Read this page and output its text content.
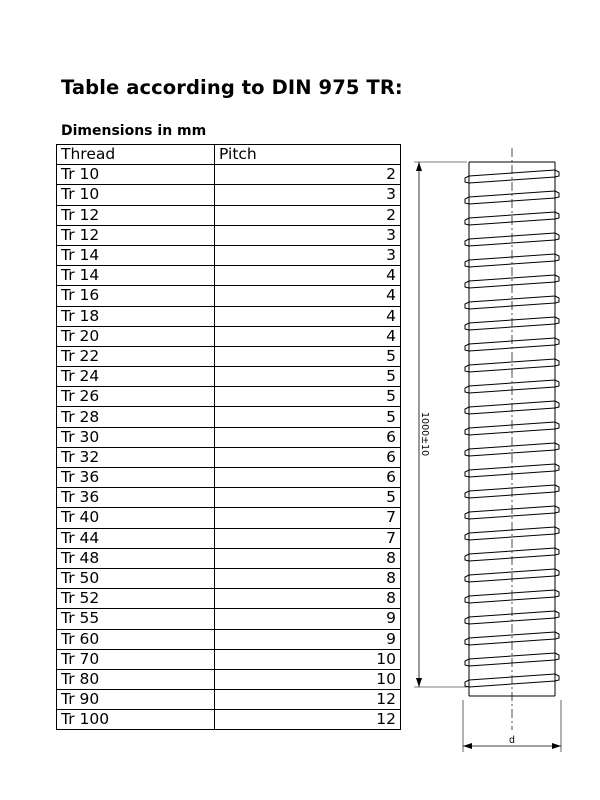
Table according to DIN 975 TR:
Dimensions in mm
Thread	Pitch
Tr 10	2
Tr 10	3
Tr 12	2
Tr 12	3
Tr 14	3
Tr 14	4
Tr 16	4
Tr 18	4
Tr 20	4
Tr 22	5
Tr 24	5
Tr 26	5
Tr 28	5
Tr 30	6
Tr 32	6
Tr 36	6
Tr 36	5
Tr 40	7
Tr 44	7
Tr 48	8
Tr 50	8
Tr 52	8
Tr 55	9
Tr 60	9
Tr 70	10
Tr 80	10
Tr 90	12
Tr 100	12
1000±10
d
